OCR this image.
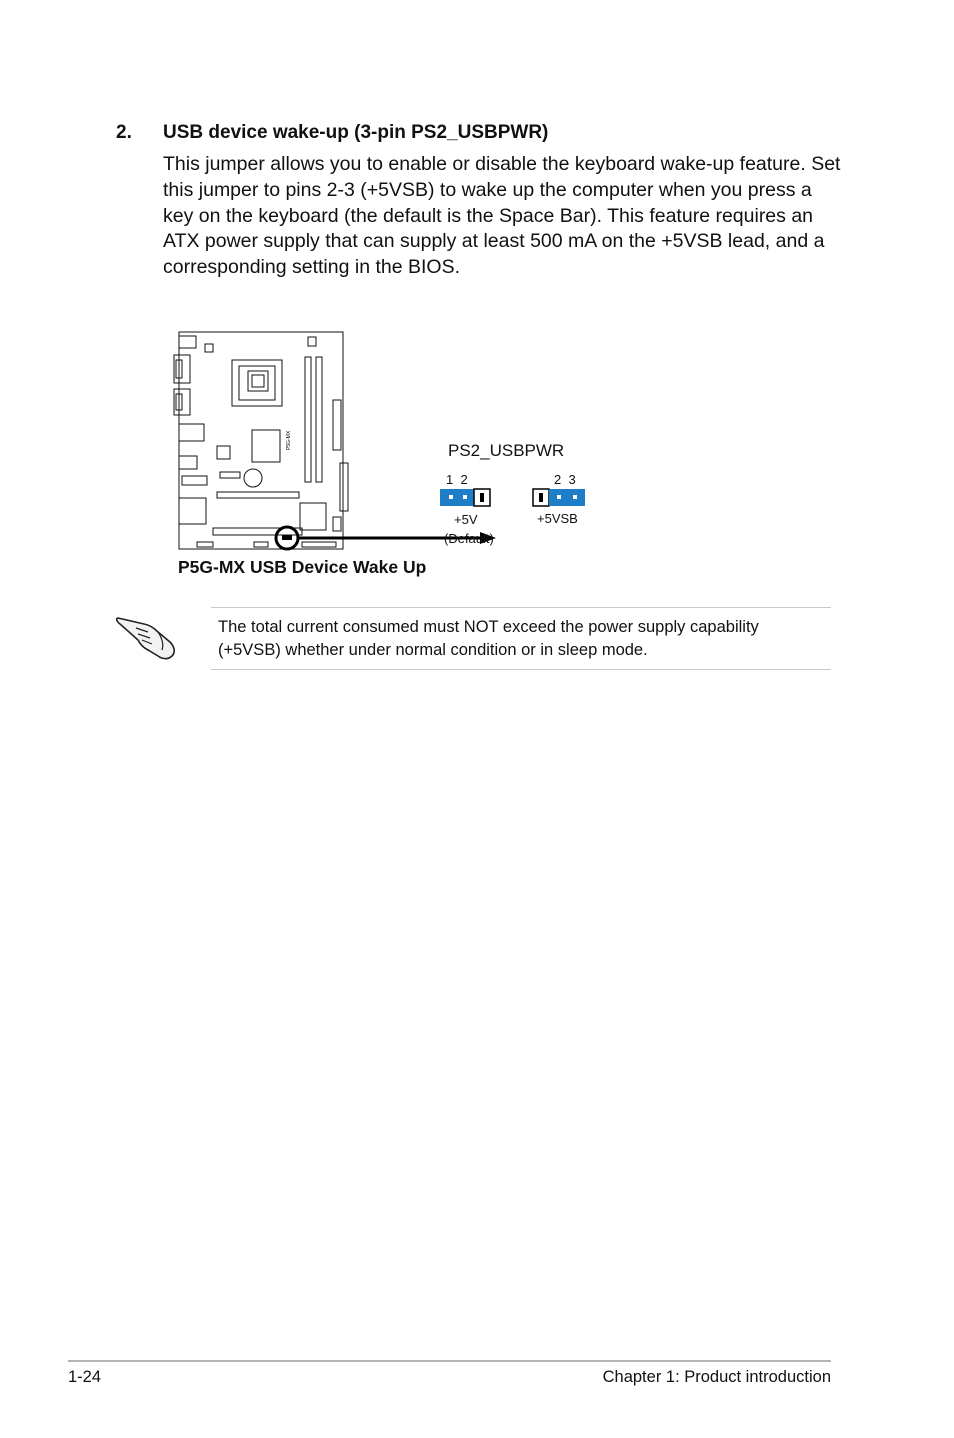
2. USB device wake-up (3-pin PS2_USBPWR)
This jumper allows you to enable or disable the keyboard wake-up feature. Set this jumper to pins 2-3 (+5VSB) to wake up the computer when you press a key on the keyboard (the default is the Space Bar). This feature requires an ATX power supply that can supply at least 500 mA on the +5VSB lead, and a corresponding setting in the BIOS.
P5G-MX
PS2_USBPWR
1  2	2  3
+5V
(Default)
+5VSB
P5G-MX USB Device Wake Up
The total current consumed must NOT exceed the power supply capability (+5VSB) whether under normal condition or in sleep mode.
1-24	Chapter 1: Product introduction
